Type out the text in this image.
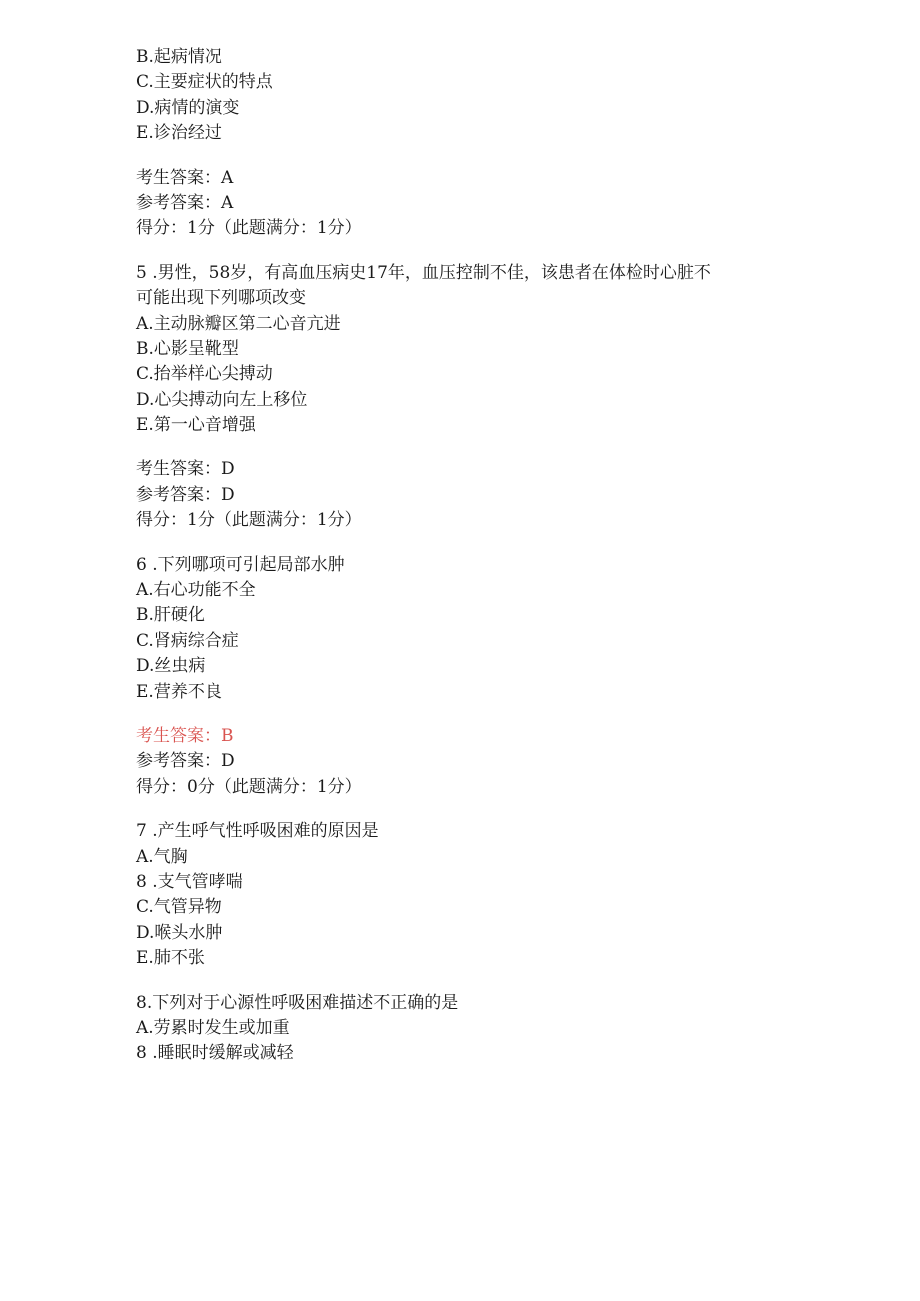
B.起病情况
C.主要症状的特点
D.病情的演变
E.诊治经过
考生答案：A
参考答案：A
得分：1分（此题满分：1分）
5 .男性，58岁，有高血压病史17年，血压控制不佳，该患者在体检时心脏不
可能出现下列哪项改变
A.主动脉瓣区第二心音亢进
B.心影呈靴型
C.抬举样心尖搏动
D.心尖搏动向左上移位
E.第一心音增强
考生答案：D
参考答案：D
得分：1分（此题满分：1分）
6 .下列哪项可引起局部水肿
A.右心功能不全
B.肝硬化
C.肾病综合症
D.丝虫病
E.营养不良
考生答案：B
参考答案：D
得分：0分（此题满分：1分）
7 .产生呼气性呼吸困难的原因是
A.气胸
8 .支气管哮喘
C.气管异物
D.喉头水肿
E.肺不张
8.下列对于心源性呼吸困难描述不正确的是
A.劳累时发生或加重
8 .睡眠时缓解或减轻
